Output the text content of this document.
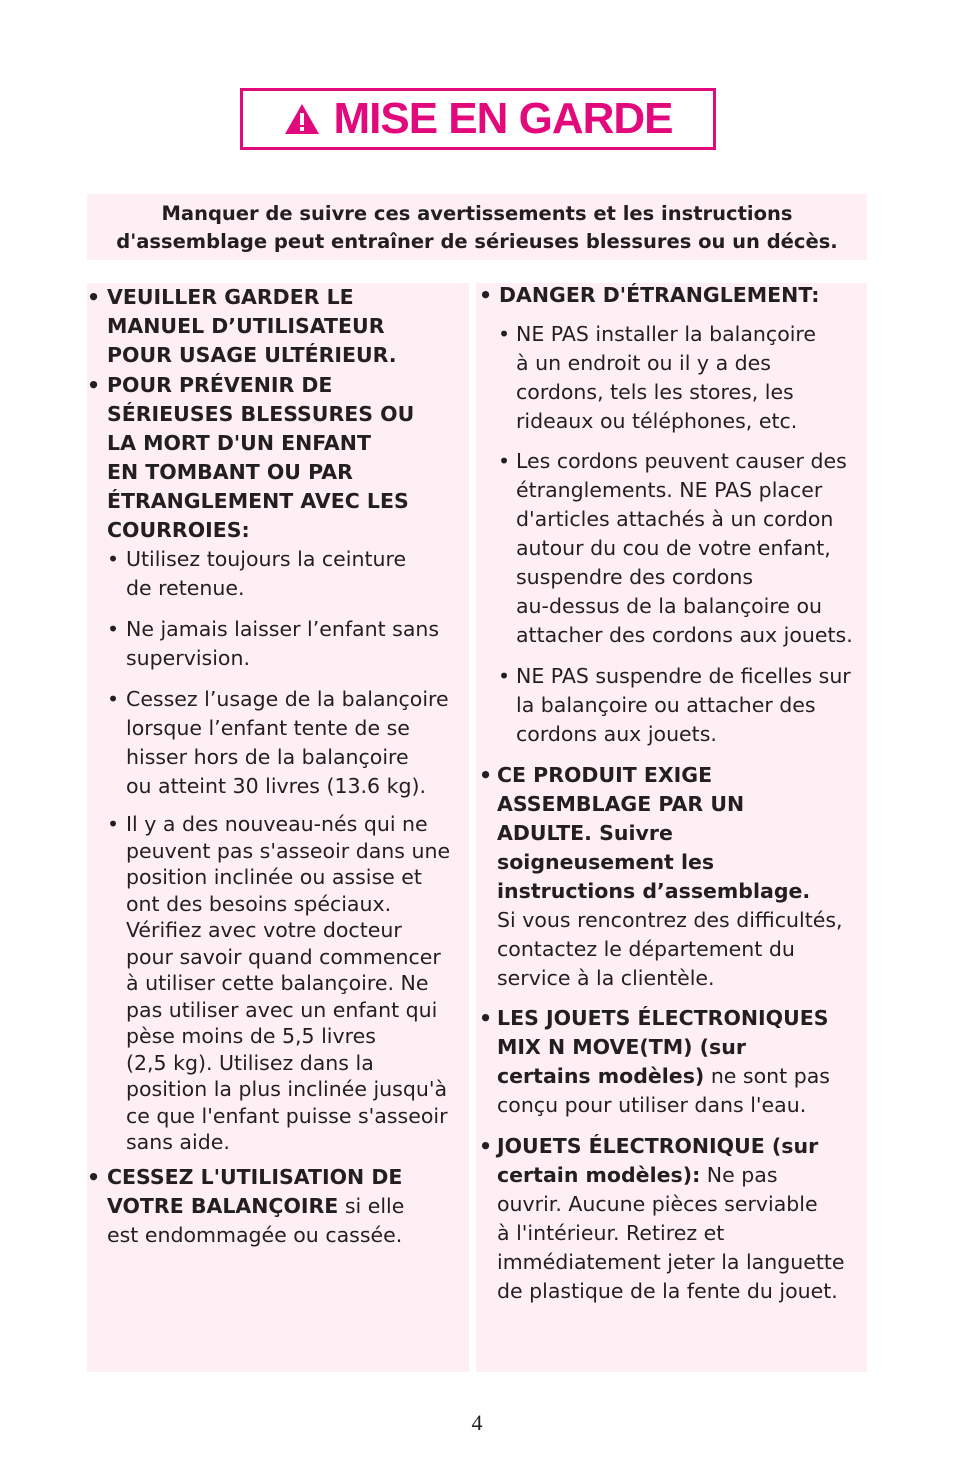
MISE EN GARDE
Manquer de suivre ces avertissements et les instructions
d'assemblage peut entraîner de sérieuses blessures ou un décès.
• VEUILLER GARDER LE
MANUEL D’UTILISATEUR
POUR USAGE ULTÉRIEUR.
• POUR PRÉVENIR DE
SÉRIEUSES BLESSURES OU
LA MORT D'UN ENFANT
EN TOMBANT OU PAR
ÉTRANGLEMENT AVEC LES
COURROIES:
• Utilisez toujours la ceinture
de retenue.
• Ne jamais laisser l’enfant sans
supervision.
• Cessez l’usage de la balançoire
lorsque l’enfant tente de se
hisser hors de la balançoire
ou atteint 30 livres (13.6 kg).
• Il y a des nouveau-nés qui ne
peuvent pas s'asseoir dans une
position inclinée ou assise et
ont des besoins spéciaux.
Vérifiez avec votre docteur
pour savoir quand commencer
à utiliser cette balançoire. Ne
pas utiliser avec un enfant qui
pèse moins de 5,5 livres
(2,5 kg). Utilisez dans la
position la plus inclinée jusqu'à
ce que l'enfant puisse s'asseoir
sans aide.
• CESSEZ L'UTILISATION DE
VOTRE BALANÇOIRE si elle
est endommagée ou cassée.
• DANGER D'ÉTRANGLEMENT:
• NE PAS installer la balançoire
à un endroit ou il y a des
cordons, tels les stores, les
rideaux ou téléphones, etc.
• Les cordons peuvent causer des
étranglements. NE PAS placer
d'articles attachés à un cordon
autour du cou de votre enfant,
suspendre des cordons
au-dessus de la balançoire ou
attacher des cordons aux jouets.
• NE PAS suspendre de ficelles sur
la balançoire ou attacher des
cordons aux jouets.
• CE PRODUIT EXIGE
ASSEMBLAGE PAR UN
ADULTE. Suivre
soigneusement les
instructions d’assemblage.
Si vous rencontrez des difficultés,
contactez le département du
service à la clientèle.
• LES JOUETS ÉLECTRONIQUES
MIX N MOVE(TM) (sur
certains modèles) ne sont pas
conçu pour utiliser dans l'eau.
• JOUETS ÉLECTRONIQUE (sur
certain modèles): Ne pas
ouvrir. Aucune pièces serviable
à l'intérieur. Retirez et
immédiatement jeter la languette
de plastique de la fente du jouet.
4
